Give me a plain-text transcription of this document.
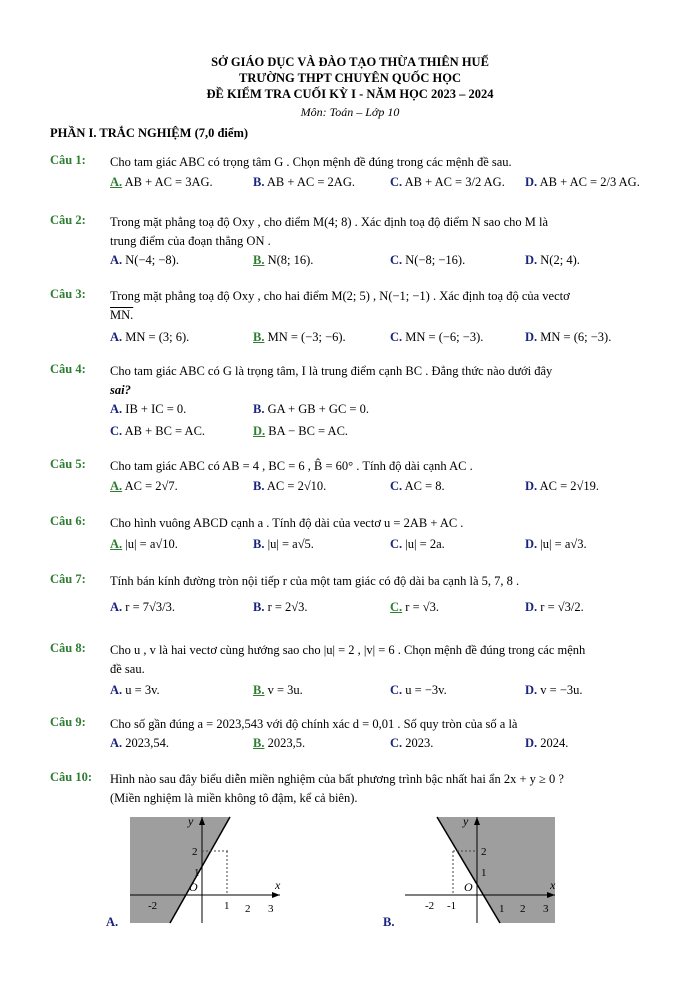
SỞ GIÁO DỤC VÀ ĐÀO TẠO THỪA THIÊN HUẾ
TRƯỜNG THPT CHUYÊN QUỐC HỌC
ĐỀ KIỂM TRA CUỐI KỲ I - NĂM HỌC 2023 – 2024
Môn: Toán – Lớp 10
PHẦN I. TRẮC NGHIỆM (7,0 điểm)
Câu 1:	Cho tam giác ABC có trọng tâm G . Chọn mệnh đề đúng trong các mệnh đề sau.
A. AB + AC = 3AG.	B. AB + AC = 2AG.	C. AB + AC = 3/2 AG. D. AB + AC = 2/3 AG.
Câu 2:	Trong mặt phẳng toạ độ Oxy , cho điểm M(4; 8) . Xác định toạ độ điểm N sao cho M là
trung điểm của đoạn thẳng ON .
A. N(−4; −8).	B. N(8; 16).	C. N(−8; −16).	D. N(2; 4).
Câu 3:	Trong mặt phẳng toạ độ Oxy , cho hai điểm M(2; 5) , N(−1; −1) . Xác định toạ độ của vectơ
MN.
A. MN = (3; 6).	B. MN = (−3; −6).	C. MN = (−6; −3).	D. MN = (6; −3).
Câu 4:	Cho tam giác ABC có G là trọng tâm, I là trung điểm cạnh BC . Đẳng thức nào dưới đây
sai?
A. IB + IC = 0.	B. GA + GB + GC = 0.
C. AB + BC = AC.	D. BA − BC = AC.
Câu 5:	Cho tam giác ABC có AB = 4 , BC = 6 , B̂ = 60° . Tính độ dài cạnh AC .
A. AC = 2√7.	B. AC = 2√10.	C. AC = 8.	D. AC = 2√19.
Câu 6:	Cho hình vuông ABCD cạnh a . Tính độ dài của vectơ u = 2AB + AC .
A. |u| = a√10.	B. |u| = a√5.	C. |u| = 2a.	D. |u| = a√3.
Câu 7:	Tính bán kính đường tròn nội tiếp r của một tam giác có độ dài ba cạnh là 5, 7, 8 .
A. r = 7√3/3.	B. r = 2√3.	C. r = √3.	D. r = √3/2.
Câu 8:	Cho u , v là hai vectơ cùng hướng sao cho |u| = 2 , |v| = 6 . Chọn mệnh đề đúng trong các mệnh
đề sau.
A. u = 3v.	B. v = 3u.	C. u = −3v.	D. v = −3u.
Câu 9:	Cho số gần đúng a = 2023,543 với độ chính xác d = 0,01 . Số quy tròn của số a là
A. 2023,54.	B. 2023,5.	C. 2023.	D. 2024.
Câu 10:	Hình nào sau đây biểu diễn miền nghiệm của bất phương trình bậc nhất hai ẩn 2x + y ≥ 0 ?
(Miền nghiệm là miền không tô đậm, kể cả biên).
y
x
O
-2	1 2 3
2
1
A.
y
x
O
-2 -1	1 2 3
2
1
B.
